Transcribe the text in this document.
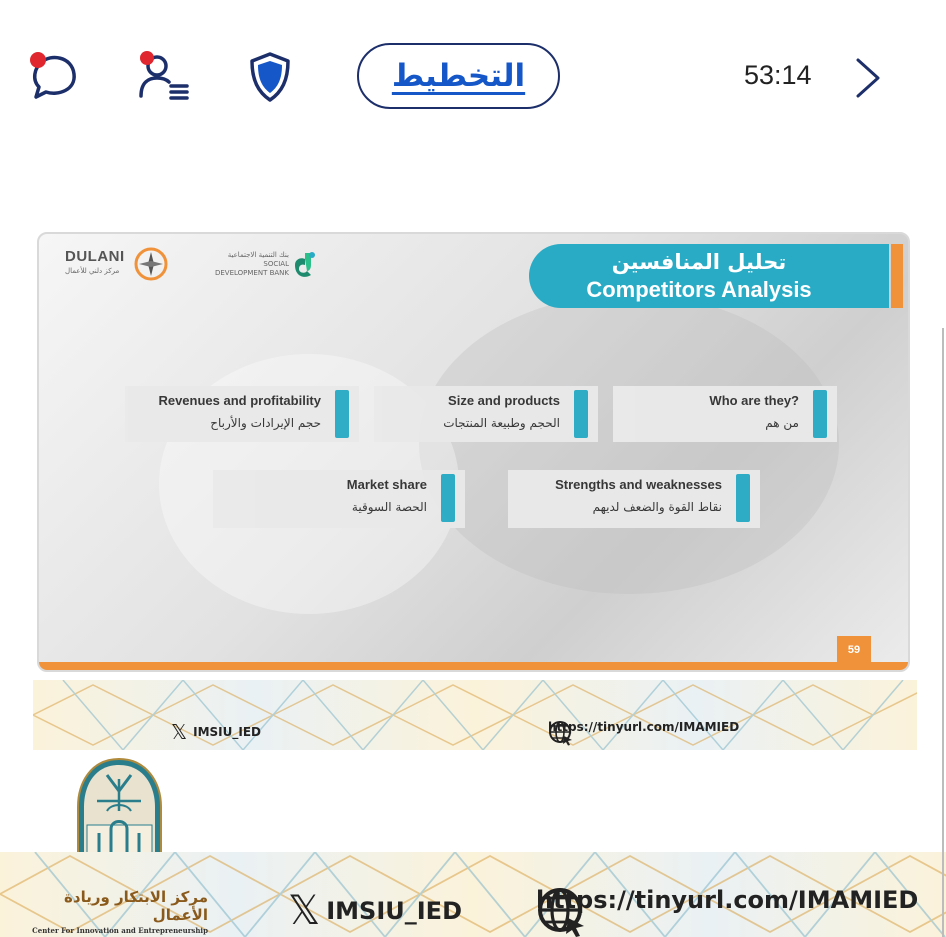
التخطيط	53:14
DULANI
مركز دلني للأعمال
بنك التنمية الاجتماعية
SOCIAL DEVELOPMENT BANK	تحليل المنافسين
Competitors Analysis
Who are they?
من هم
Size and products
الحجم وطبيعة المنتجات
Revenues and profitability
حجم الإيرادات والأرباح
Strengths and weaknesses
نقاط القوة والضعف لديهم
Market share
الحصة السوقية
59
𝕏 IMSIU_IED	https://tinyurl.com/IMAMIED
مركز الابتكار وريادة الأعمال
Center For Innovation and Entrepreneurship 𝕏 IMSIU_IED	https://tinyurl.com/IMAMIED
